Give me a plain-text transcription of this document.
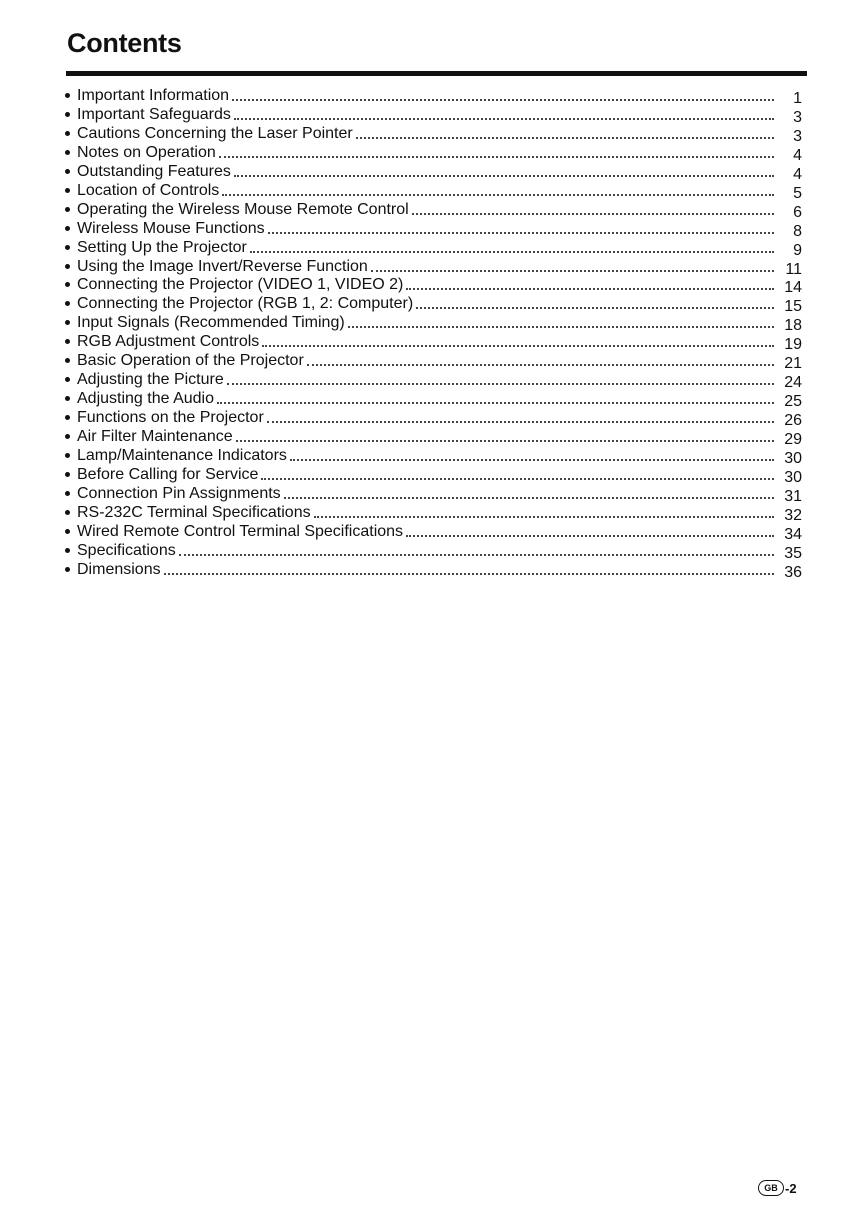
Contents
Important Information	1
Important Safeguards	3
Cautions Concerning the Laser Pointer	3
Notes on Operation	4
Outstanding Features	4
Location of Controls	5
Operating the Wireless Mouse Remote Control	6
Wireless Mouse Functions	8
Setting Up the Projector	9
Using the Image Invert/Reverse Function	11
Connecting the Projector (VIDEO 1, VIDEO 2)	14
Connecting the Projector (RGB 1, 2: Computer)	15
Input Signals (Recommended Timing)	18
RGB Adjustment Controls	19
Basic Operation of the Projector	21
Adjusting the Picture	24
Adjusting the Audio	25
Functions on the Projector	26
Air Filter Maintenance	29
Lamp/Maintenance Indicators	30
Before Calling for Service	30
Connection Pin Assignments	31
RS-232C Terminal Specifications	32
Wired Remote Control Terminal Specifications	34
Specifications	35
Dimensions	36
GB -2
